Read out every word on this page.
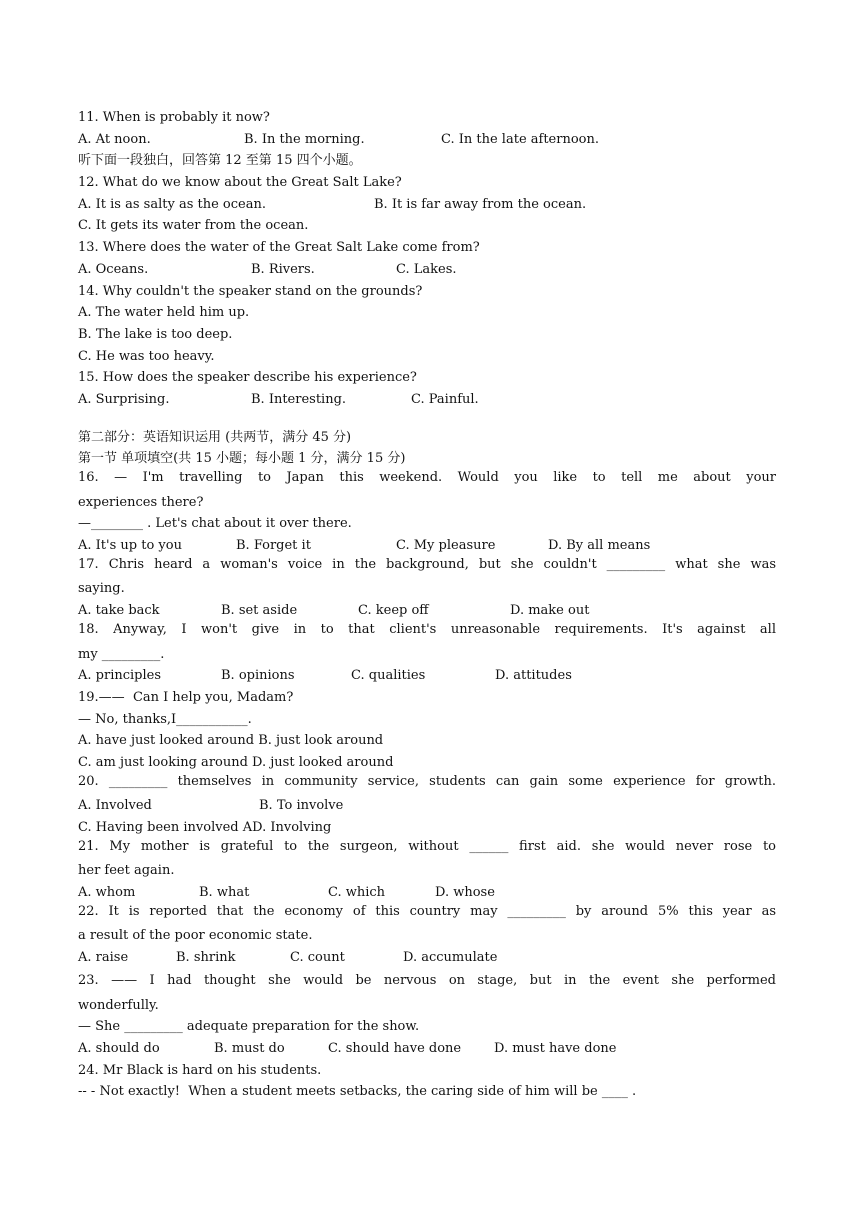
11. When is probably it now?
A. At noon.	B. In the morning.	C. In the late afternoon.
听下面一段独白，回答第 12 至第 15 四个小题。
12. What do we know about the Great Salt Lake?
A. It is as salty as the ocean.	B. It is far away from the ocean.
C. It gets its water from the ocean.
13. Where does the water of the Great Salt Lake come from?
A. Oceans.	B. Rivers.	C. Lakes.
14. Why couldn't the speaker stand on the grounds?
A. The water held him up.
B. The lake is too deep.
C. He was too heavy.
15. How does the speaker describe his experience?
A. Surprising.	B. Interesting.	C. Painful.
第二部分：英语知识运用 (共两节，满分 45 分)
第一节 单项填空(共 15 小题；每小题 1 分，满分 15 分)
16. — I'm travelling to Japan this weekend. Would you like to tell me about your
experiences there?
—________ . Let's chat about it over there.
A. It's up to you	B. Forget it	C. My pleasure	D. By all means
17. Chris heard a woman's voice in the background, but she couldn't _________ what she was
saying.
A. take back	B. set aside	C. keep off	D. make out
18. Anyway, I won't give in to that client's unreasonable requirements. It's against all
my _________.
A. principles	B. opinions	C. qualities	D. attitudes
19.——  Can I help you, Madam?
— No, thanks,I___________.
A. have just looked around B. just look around
C. am just looking around D. just looked around
20. _________ themselves in community service, students can gain some experience for growth.
A. Involved	B. To involve
C. Having been involved AD. Involving
21. My mother is grateful to the surgeon, without ______ first aid. she would never rose to
her feet again.
A. whom	B. what	C. which	D. whose
22. It is reported that the economy of this country may _________ by around 5% this year as
a result of the poor economic state.
A. raise	B. shrink	C. count	D. accumulate
23. —— I had thought she would be nervous on stage, but in the event she performed
wonderfully.
— She _________ adequate preparation for the show.
A. should do	B. must do	C. should have done	D. must have done
24. Mr Black is hard on his students.
-- - Not exactly!  When a student meets setbacks, the caring side of him will be ____ .
